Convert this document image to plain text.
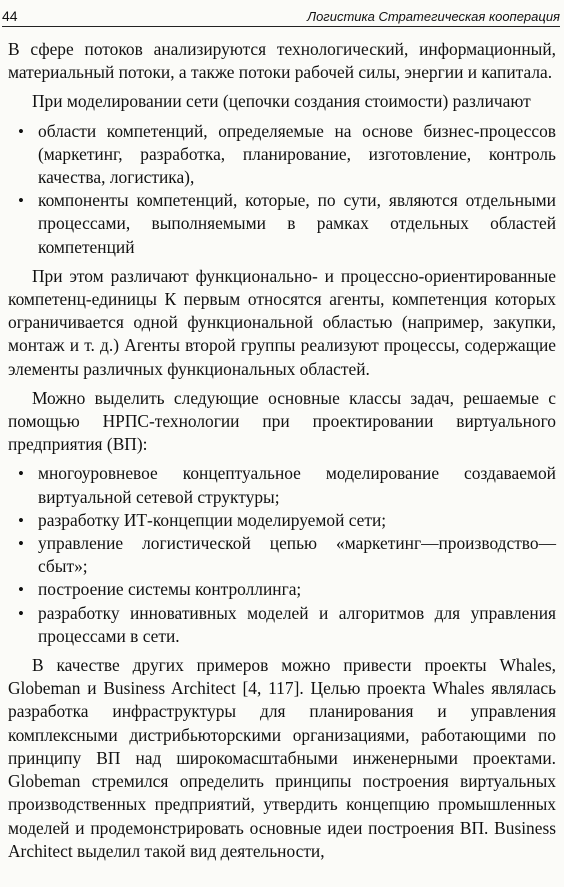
44	Логистика Стратегическая кооперация

В сфере потоков анализируются технологический, информационный, материальный потоки, а также потоки рабочей силы, энергии и капитала.

При моделировании сети (цепочки создания стоимости) различают

• области компетенций, определяемые на основе бизнес-процессов (маркетинг, разработка, планирование, изготовление, контроль качества, логистика),
• компоненты компетенций, которые, по сути, являются отдельными процессами, выполняемыми в рамках отдельных областей компетенций

При этом различают функционально- и процессно-ориентированные компетенц-единицы К первым относятся агенты, компетенция которых ограничивается одной функциональной областью (например, закупки, монтаж и т. д.) Агенты второй группы реализуют процессы, содержащие элементы различных функциональных областей.

Можно выделить следующие основные классы задач, решаемые с помощью НРПС-технологии при проектировании виртуального предприятия (ВП):

• многоуровневое концептуальное моделирование создаваемой виртуальной сетевой структуры;
• разработку ИТ-концепции моделируемой сети;
• управление логистической цепью «маркетинг—производство—сбыт»;
• построение системы контроллинга;
• разработку инновативных моделей и алгоритмов для управления процессами в сети.

В качестве других примеров можно привести проекты Whales, Globeman и Business Architect [4, 117]. Целью проекта Whales являлась разработка инфраструктуры для планирования и управления комплексными дистрибьюторскими организациями, работающими по принципу ВП над широкомасштабными инженерными проектами. Globeman стремился определить принципы построения виртуальных производственных предприятий, утвердить концепцию промышленных моделей и продемонстрировать основные идеи построения ВП. Business Architect выделил такой вид деятельности,
